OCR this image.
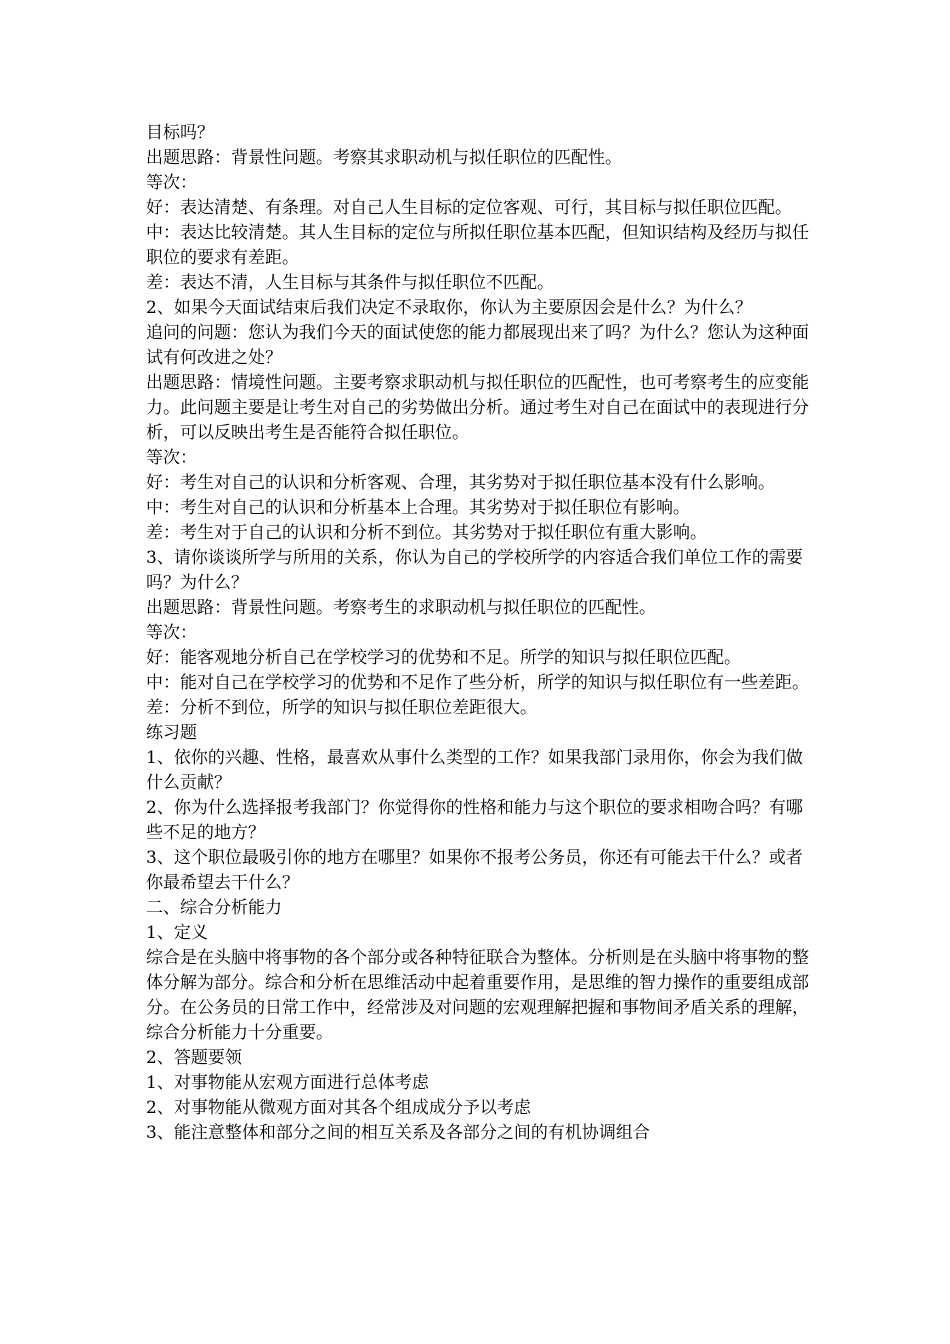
目标吗？

出题思路：背景性问题。考察其求职动机与拟任职位的匹配性。

等次：

好：表达清楚、有条理。对自己人生目标的定位客观、可行，其目标与拟任职位匹配。

中：表达比较清楚。其人生目标的定位与所拟任职位基本匹配，但知识结构及经历与拟任职位的要求有差距。

差：表达不清，人生目标与其条件与拟任职位不匹配。

2、如果今天面试结束后我们决定不录取你，你认为主要原因会是什么？为什么？

追问的问题：您认为我们今天的面试使您的能力都展现出来了吗？为什么？您认为这种面试有何改进之处？

出题思路：情境性问题。主要考察求职动机与拟任职位的匹配性，也可考察考生的应变能力。此问题主要是让考生对自己的劣势做出分析。通过考生对自己在面试中的表现进行分析，可以反映出考生是否能符合拟任职位。

等次：

好：考生对自己的认识和分析客观、合理，其劣势对于拟任职位基本没有什么影响。

中：考生对自己的认识和分析基本上合理。其劣势对于拟任职位有影响。

差：考生对于自己的认识和分析不到位。其劣势对于拟任职位有重大影响。

3、请你谈谈所学与所用的关系，你认为自己的学校所学的内容适合我们单位工作的需要吗？为什么？

出题思路：背景性问题。考察考生的求职动机与拟任职位的匹配性。

等次：

好：能客观地分析自己在学校学习的优势和不足。所学的知识与拟任职位匹配。

中：能对自己在学校学习的优势和不足作了些分析，所学的知识与拟任职位有一些差距。

差：分析不到位，所学的知识与拟任职位差距很大。

练习题

1、依你的兴趣、性格，最喜欢从事什么类型的工作？如果我部门录用你，你会为我们做什么贡献？

2、你为什么选择报考我部门？你觉得你的性格和能力与这个职位的要求相吻合吗？有哪些不足的地方？

3、这个职位最吸引你的地方在哪里？如果你不报考公务员，你还有可能去干什么？或者你最希望去干什么？

二、综合分析能力

1、定义

综合是在头脑中将事物的各个部分或各种特征联合为整体。分析则是在头脑中将事物的整体分解为部分。综合和分析在思维活动中起着重要作用，是思维的智力操作的重要组成部分。在公务员的日常工作中，经常涉及对问题的宏观理解把握和事物间矛盾关系的理解，综合分析能力十分重要。

2、答题要领

1、对事物能从宏观方面进行总体考虑

2、对事物能从微观方面对其各个组成成分予以考虑

3、能注意整体和部分之间的相互关系及各部分之间的有机协调组合
